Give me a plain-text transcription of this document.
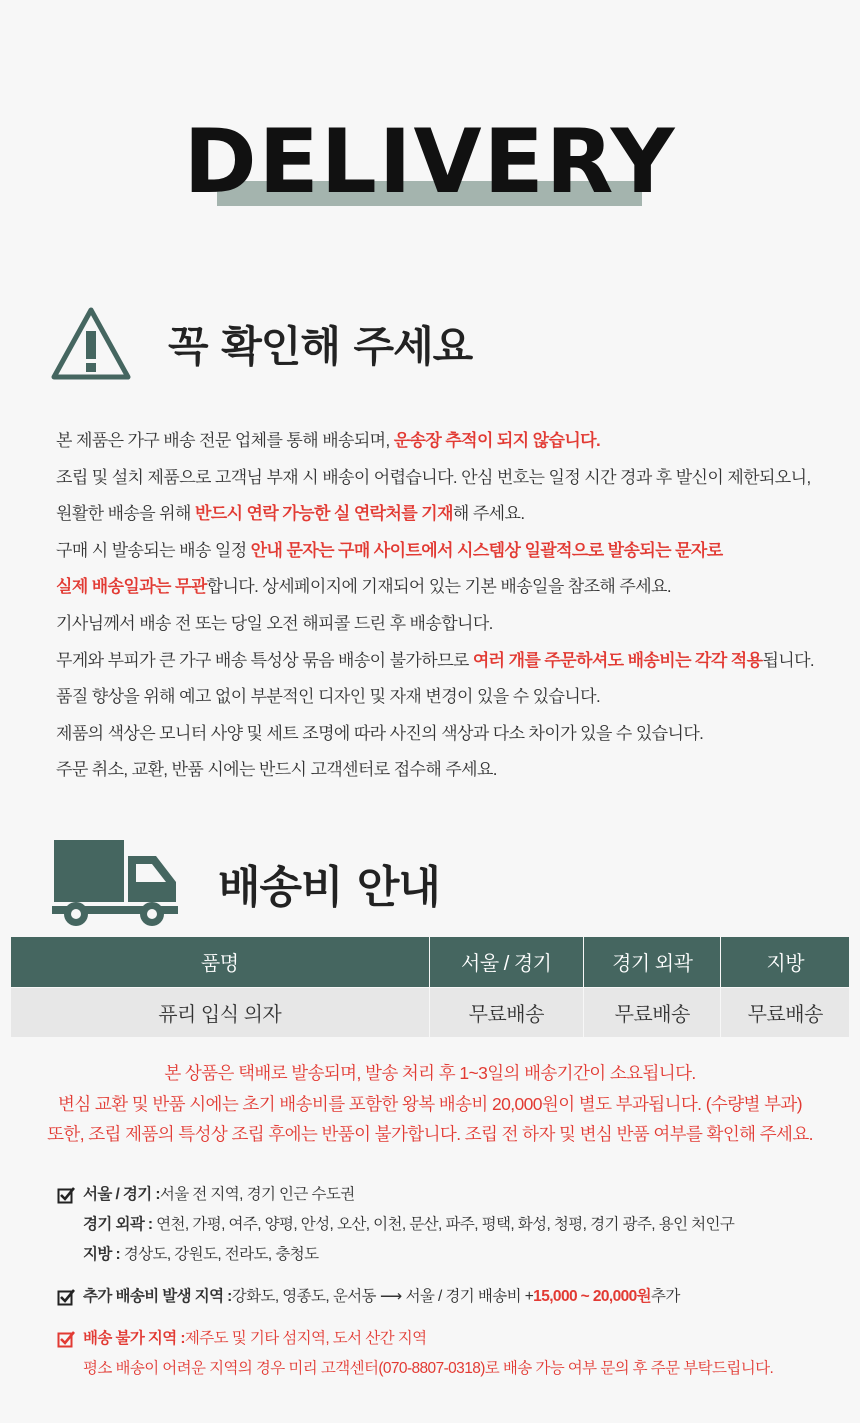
DELIVERY
꼭 확인해 주세요
본 제품은 가구 배송 전문 업체를 통해 배송되며, 운송장 추적이 되지 않습니다.
조립 및 설치 제품으로 고객님 부재 시 배송이 어렵습니다. 안심 번호는 일정 시간 경과 후 발신이 제한되오니,
원활한 배송을 위해 반드시 연락 가능한 실 연락처를 기재해 주세요.
구매 시 발송되는 배송 일정 안내 문자는 구매 사이트에서 시스템상 일괄적으로 발송되는 문자로
실제 배송일과는 무관합니다. 상세페이지에 기재되어 있는 기본 배송일을 참조해 주세요.
기사님께서 배송 전 또는 당일 오전 해피콜 드린 후 배송합니다.
무게와 부피가 큰 가구 배송 특성상 묶음 배송이 불가하므로 여러 개를 주문하셔도 배송비는 각각 적용됩니다.
품질 향상을 위해 예고 없이 부분적인 디자인 및 자재 변경이 있을 수 있습니다.
제품의 색상은 모니터 사양 및 세트 조명에 따라 사진의 색상과 다소 차이가 있을 수 있습니다.
주문 취소, 교환, 반품 시에는 반드시 고객센터로 접수해 주세요.
배송비 안내
품명	서울 / 경기	경기 외곽	지방
퓨리 입식 의자	무료배송	무료배송	무료배송
본 상품은 택배로 발송되며, 발송 처리 후 1~3일의 배송기간이 소요됩니다.
변심 교환 및 반품 시에는 초기 배송비를 포함한 왕복 배송비 20,000원이 별도 부과됩니다. (수량별 부과)
또한, 조립 제품의 특성상 조립 후에는 반품이 불가합니다. 조립 전 하자 및 변심 반품 여부를 확인해 주세요.
서울 / 경기 : 서울 전 지역, 경기 인근 수도권
경기 외곽 : 연천, 가평, 여주, 양평, 안성, 오산, 이천, 문산, 파주, 평택, 화성, 청평, 경기 광주, 용인 처인구
지방 : 경상도, 강원도, 전라도, 충청도
추가 배송비 발생 지역 : 강화도, 영종도, 운서동 ⟶ 서울 / 경기 배송비 + 15,000 ~ 20,000원 추가
배송 불가 지역 : 제주도 및 기타 섬지역, 도서 산간 지역
평소 배송이 어려운 지역의 경우 미리 고객센터(070-8807-0318)로 배송 가능 여부 문의 후 주문 부탁드립니다.
